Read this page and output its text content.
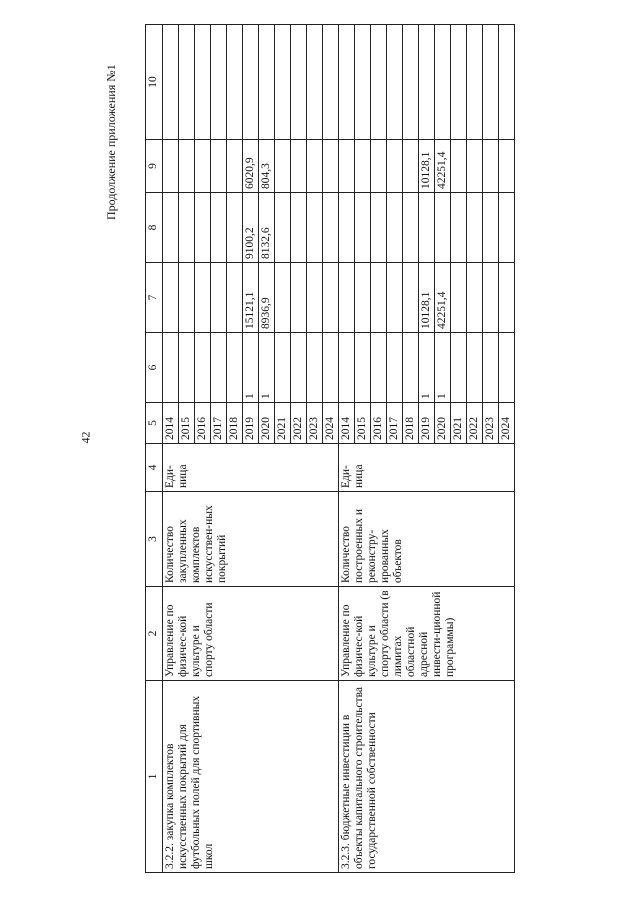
42
Продолжение приложения №1
1	2	3	4	5	6	7	8	9	10
3.2.2. закупка комплектов искусственных покрытий для футбольных полей для спортивных школ	Управление по физичес-кой культуре и спорту области	Количество закупленных комплектов искусствен-ных покрытий	Еди-ница	2014					
				2015					
				2016					
				2017					
				2018					
				2019	1	15121,1	9100,2	6020,9	
				2020	1	8936,9	8132,6	804,3	
				2021					
				2022					
				2023					
				2024					
3.2.3. бюджетные инвестиции в объекты капитального строительства государственной собственности	Управление по физичес-кой культуре и спорту области (в лимитах областной адресной инвести-ционной программы)	Количество построенных и реконстру-ированных объектов	Еди-ница	2014					
				2015					
				2016					
				2017					
				2018					
				2019	1	10128,1		10128,1	
				2020	1	42251,4		42251,4	
				2021					
				2022					
				2023					
				2024					
